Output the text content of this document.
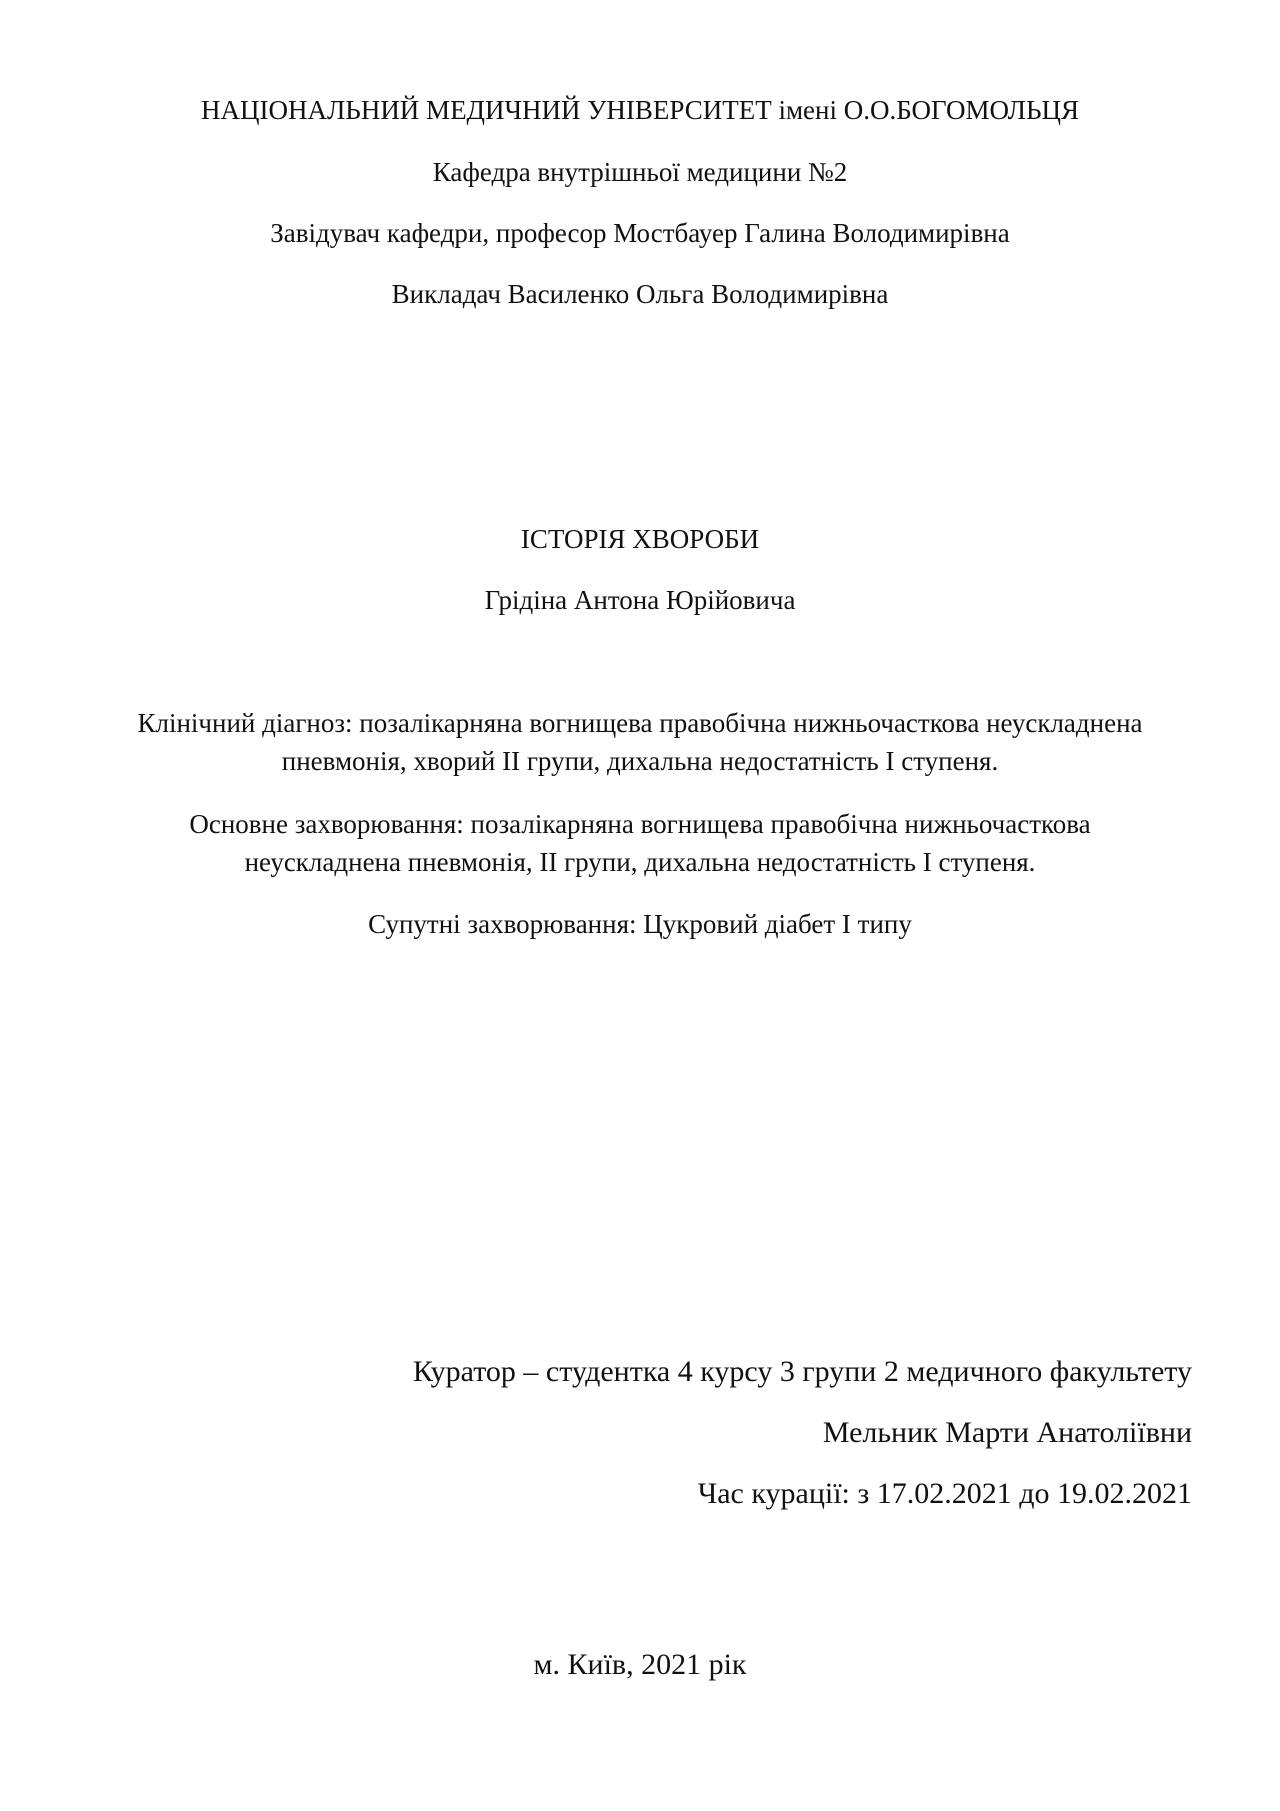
НАЦІОНАЛЬНИЙ МЕДИЧНИЙ УНІВЕРСИТЕТ імені О.О.БОГОМОЛЬЦЯ
Кафедра внутрішньої медицини №2
Завідувач кафедри, професор Мостбауер Галина Володимирівна
Викладач Василенко Ольга Володимирівна
ІСТОРІЯ ХВОРОБИ
Грідіна Антона Юрійовича
Клінічний діагноз: позалікарняна вогнищева правобічна нижньочасткова неускладнена пневмонія, хворий ІІ групи, дихальна недостатність І ступеня.
Основне захворювання: позалікарняна вогнищева правобічна нижньочасткова неускладнена пневмонія, ІІ групи, дихальна недостатність І ступеня.
Супутні захворювання: Цукровий діабет І типу
Куратор – студентка 4 курсу 3 групи 2 медичного факультету
Мельник Марти Анатоліївни
Час курації: з 17.02.2021 до 19.02.2021
м. Київ, 2021 рік
